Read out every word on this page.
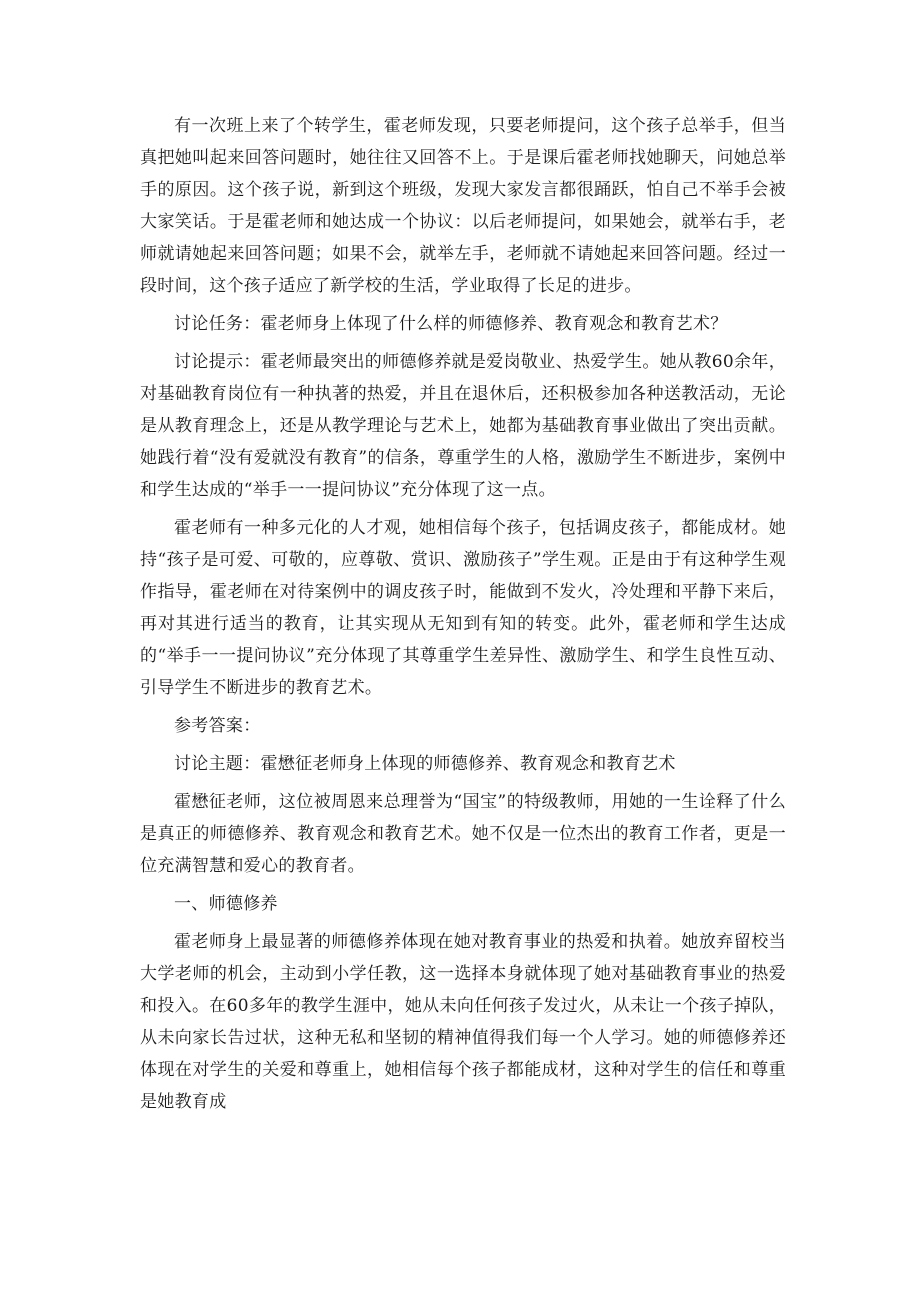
有一次班上来了个转学生，霍老师发现，只要老师提问，这个孩子总举手，但当真把她叫起来回答问题时，她往往又回答不上。于是课后霍老师找她聊天，问她总举手的原因。这个孩子说，新到这个班级，发现大家发言都很踊跃，怕自己不举手会被大家笑话。于是霍老师和她达成一个协议：以后老师提问，如果她会，就举右手，老师就请她起来回答问题；如果不会，就举左手，老师就不请她起来回答问题。经过一段时间，这个孩子适应了新学校的生活，学业取得了长足的进步。

讨论任务：霍老师身上体现了什么样的师德修养、教育观念和教育艺术？

讨论提示：霍老师最突出的师德修养就是爱岗敬业、热爱学生。她从教60余年，对基础教育岗位有一种执著的热爱，并且在退休后，还积极参加各种送教活动，无论是从教育理念上，还是从教学理论与艺术上，她都为基础教育事业做出了突出贡献。她践行着“没有爱就没有教育”的信条，尊重学生的人格，激励学生不断进步，案例中和学生达成的“举手一一提问协议”充分体现了这一点。

霍老师有一种多元化的人才观，她相信每个孩子，包括调皮孩子，都能成材。她持“孩子是可爱、可敬的，应尊敬、赏识、激励孩子”学生观。正是由于有这种学生观作指导，霍老师在对待案例中的调皮孩子时，能做到不发火，冷处理和平静下来后，再对其进行适当的教育，让其实现从无知到有知的转变。此外，霍老师和学生达成的“举手一一提问协议”充分体现了其尊重学生差异性、激励学生、和学生良性互动、引导学生不断进步的教育艺术。

参考答案：

讨论主题：霍懋征老师身上体现的师德修养、教育观念和教育艺术

霍懋征老师，这位被周恩来总理誉为“国宝”的特级教师，用她的一生诠释了什么是真正的师德修养、教育观念和教育艺术。她不仅是一位杰出的教育工作者，更是一位充满智慧和爱心的教育者。

一、师德修养

霍老师身上最显著的师德修养体现在她对教育事业的热爱和执着。她放弃留校当大学老师的机会，主动到小学任教，这一选择本身就体现了她对基础教育事业的热爱和投入。在60多年的教学生涯中，她从未向任何孩子发过火，从未让一个孩子掉队，从未向家长告过状，这种无私和坚韧的精神值得我们每一个人学习。她的师德修养还体现在对学生的关爱和尊重上，她相信每个孩子都能成材，这种对学生的信任和尊重是她教育成
